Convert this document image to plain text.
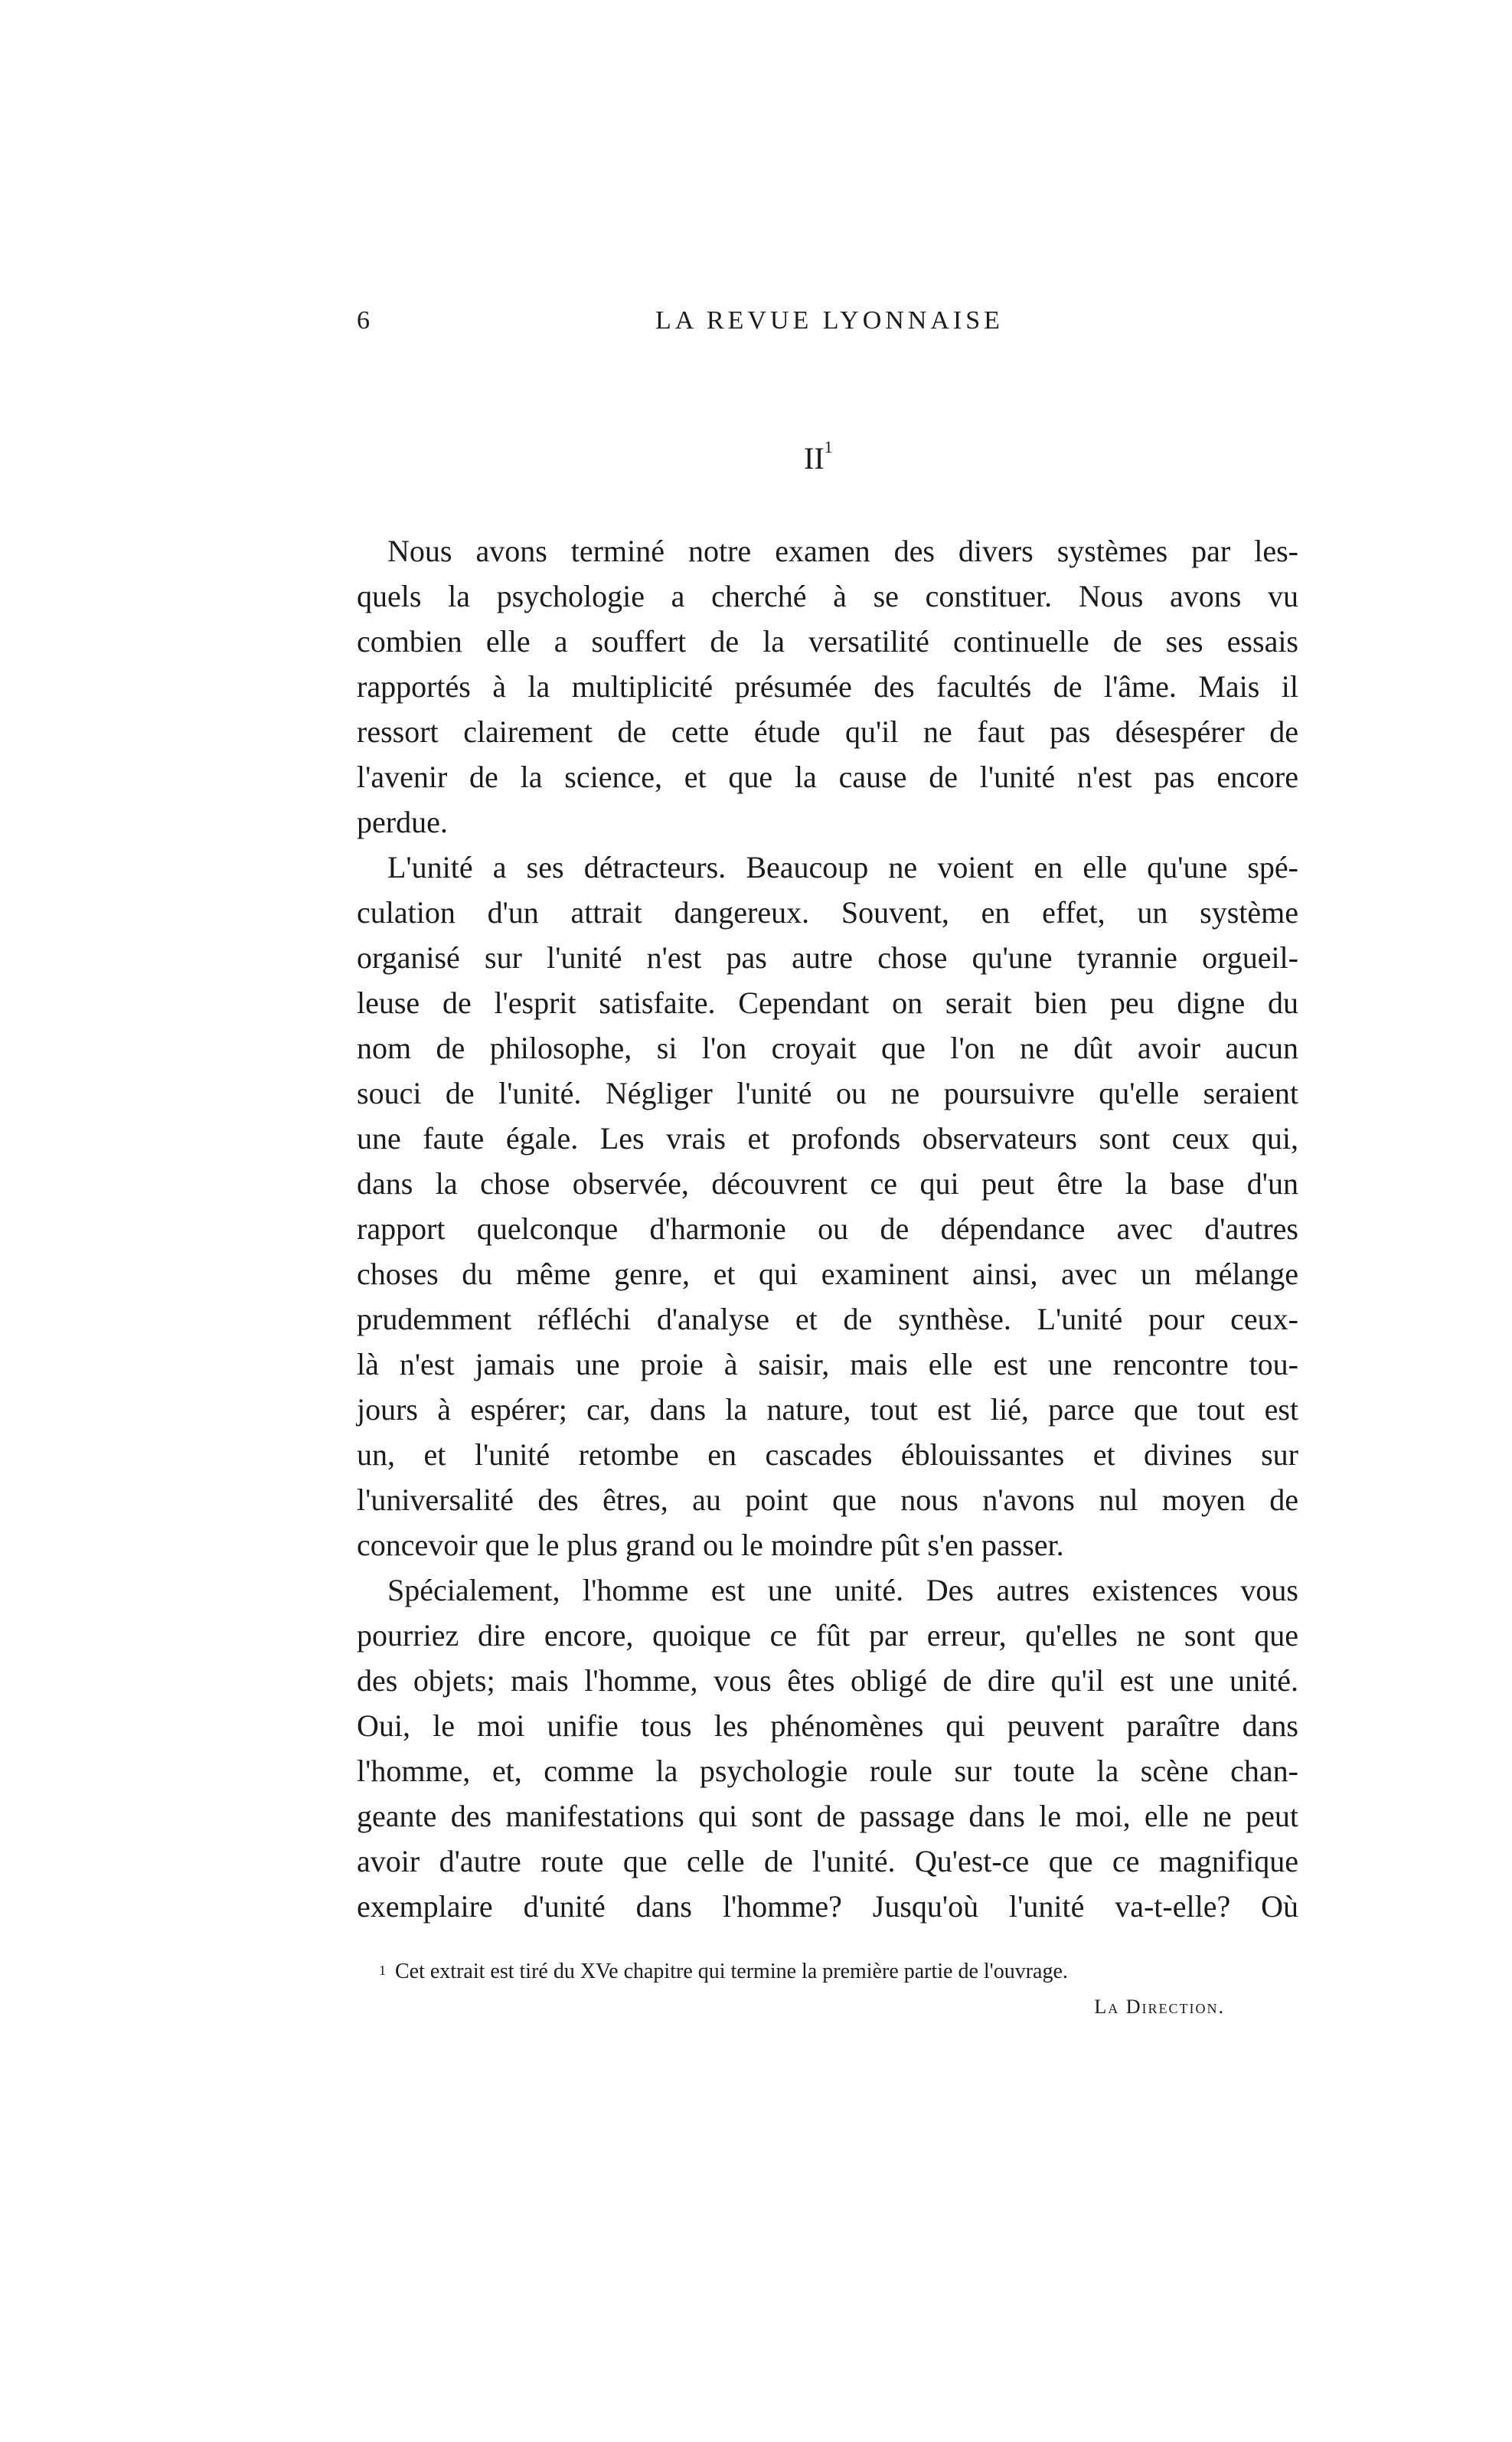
6	LA REVUE LYONNAISE
$II^1$
Nous avons terminé notre examen des divers systèmes par les-
quels la psychologie a cherché à se constituer. Nous avons vu
combien elle a souffert de la versatilité continuelle de ses essais
rapportés à la multiplicité présumée des facultés de l'âme. Mais il
ressort clairement de cette étude qu'il ne faut pas désespérer de
l'avenir de la science, et que la cause de l'unité n'est pas encore
perdue.
L'unité a ses détracteurs. Beaucoup ne voient en elle qu'une spé-
culation d'un attrait dangereux. Souvent, en effet, un système
organisé sur l'unité n'est pas autre chose qu'une tyrannie orgueil-
leuse de l'esprit satisfaite. Cependant on serait bien peu digne du
nom de philosophe, si l'on croyait que l'on ne dût avoir aucun
souci de l'unité. Négliger l'unité ou ne poursuivre qu'elle seraient
une faute égale. Les vrais et profonds observateurs sont ceux qui,
dans la chose observée, découvrent ce qui peut être la base d'un
rapport quelconque d'harmonie ou de dépendance avec d'autres
choses du même genre, et qui examinent ainsi, avec un mélange
prudemment réfléchi d'analyse et de synthèse. L'unité pour ceux-
là n'est jamais une proie à saisir, mais elle est une rencontre tou-
jours à espérer; car, dans la nature, tout est lié, parce que tout est
un, et l'unité retombe en cascades éblouissantes et divines sur
l'universalité des êtres, au point que nous n'avons nul moyen de
concevoir que le plus grand ou le moindre pût s'en passer.
Spécialement, l'homme est une unité. Des autres existences vous
pourriez dire encore, quoique ce fût par erreur, qu'elles ne sont que
des objets; mais l'homme, vous êtes obligé de dire qu'il est une unité.
Oui, le moi unifie tous les phénomènes qui peuvent paraître dans
l'homme, et, comme la psychologie roule sur toute la scène chan-
geante des manifestations qui sont de passage dans le moi, elle ne peut
avoir d'autre route que celle de l'unité. Qu'est-ce que ce magnifique
exemplaire d'unité dans l'homme? Jusqu'où l'unité va-t-elle? Où
$^1$ Cet extrait est tiré du XVe chapitre qui termine la première partie de l'ouvrage.
La Direction.
